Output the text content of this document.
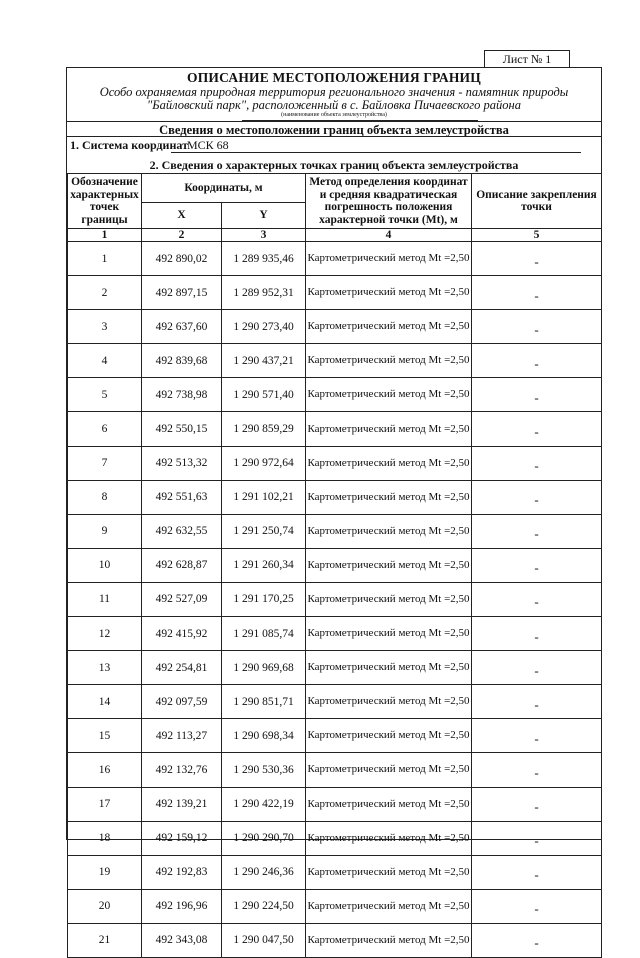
Лист № 1
ОПИСАНИЕ МЕСТОПОЛОЖЕНИЯ ГРАНИЦ
Особо охраняемая природная территория регионального значения - памятник природы
"Байловский парк", расположенный в с. Байловка Пичаевского района
(наименование объекта землеустройства)
Сведения о местоположении границ объекта землеустройства
1. Система координат МСК 68
2. Сведения о характерных точках границ объекта землеустройства
Обозначение характерных точек границы	Координаты, м		Метод определения координат и средняя квадратическая погрешность положения характерной точки (Mt), м	Описание закрепления точки
	X	Y		
1	2	3	4	5
1	492 890,02	1 289 935,46	Картометрический метод Mt =2,50	-
2	492 897,15	1 289 952,31	Картометрический метод Mt =2,50	-
3	492 637,60	1 290 273,40	Картометрический метод Mt =2,50	-
4	492 839,68	1 290 437,21	Картометрический метод Mt =2,50	-
5	492 738,98	1 290 571,40	Картометрический метод Mt =2,50	-
6	492 550,15	1 290 859,29	Картометрический метод Mt =2,50	-
7	492 513,32	1 290 972,64	Картометрический метод Mt =2,50	-
8	492 551,63	1 291 102,21	Картометрический метод Mt =2,50	-
9	492 632,55	1 291 250,74	Картометрический метод Mt =2,50	-
10	492 628,87	1 291 260,34	Картометрический метод Mt =2,50	-
11	492 527,09	1 291 170,25	Картометрический метод Mt =2,50	-
12	492 415,92	1 291 085,74	Картометрический метод Mt =2,50	-
13	492 254,81	1 290 969,68	Картометрический метод Mt =2,50	-
14	492 097,59	1 290 851,71	Картометрический метод Mt =2,50	-
15	492 113,27	1 290 698,34	Картометрический метод Mt =2,50	-
16	492 132,76	1 290 530,36	Картометрический метод Mt =2,50	-
17	492 139,21	1 290 422,19	Картометрический метод Mt =2,50	-
18	492 159,12	1 290 290,70	Картометрический метод Mt =2,50	-
19	492 192,83	1 290 246,36	Картометрический метод Mt =2,50	-
20	492 196,96	1 290 224,50	Картометрический метод Mt =2,50	-
21	492 343,08	1 290 047,50	Картометрический метод Mt =2,50	-
